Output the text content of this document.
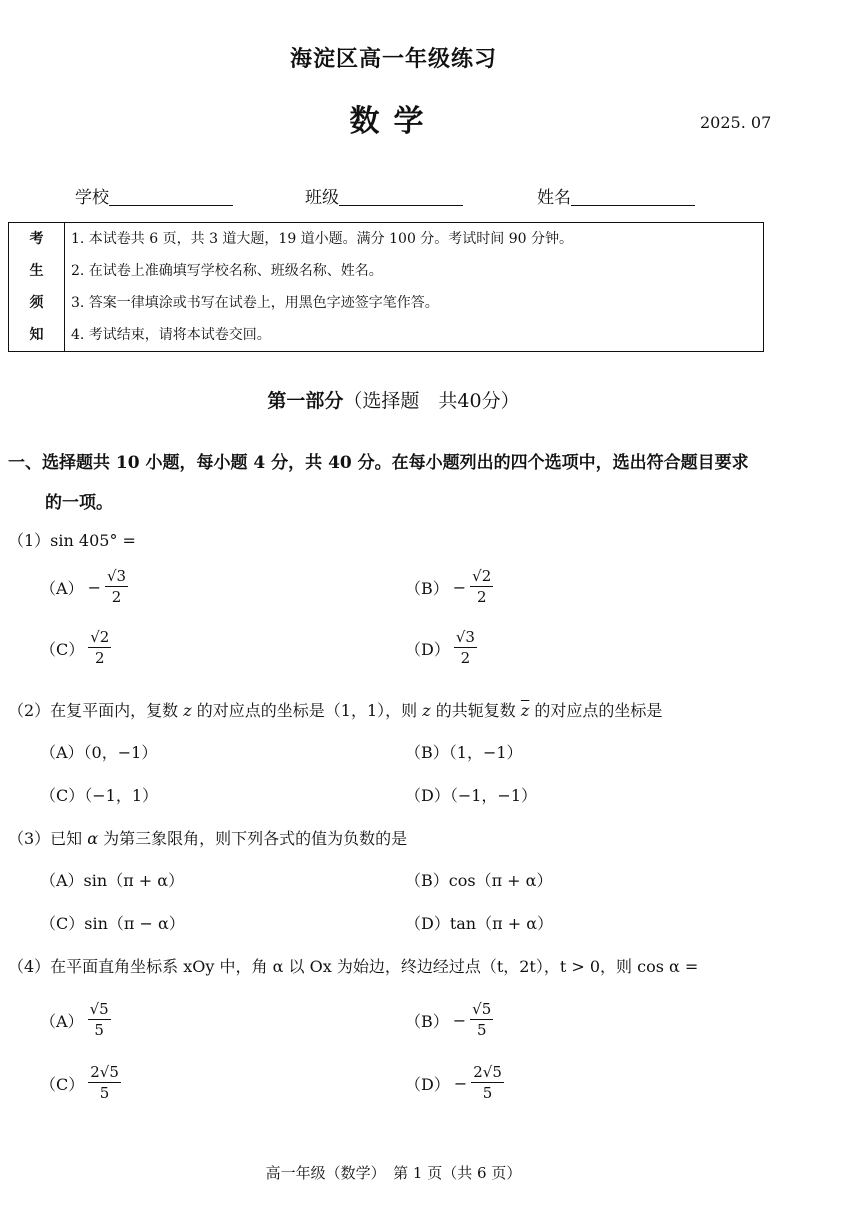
海淀区高一年级练习
数学	2025. 07
学校	班级	姓名
考	1. 本试卷共 6 页，共 3 道大题，19 道小题。满分 100 分。考试时间 90 分钟。
生	2. 在试卷上准确填写学校名称、班级名称、姓名。
须	3. 答案一律填涂或书写在试卷上，用黑色字迹签字笔作答。
知	4. 考试结束，请将本试卷交回。
第一部分（选择题　共40分）
一、选择题共 10 小题，每小题 4 分，共 40 分。在每小题列出的四个选项中，选出符合题目要求
的一项。
（1）sin 405° =
$(A) - \frac{√3}{2}$	$(B) - \frac{√2}{2}$
$(C) \frac{√2}{2}$	$(D) \frac{√3}{2}$
（2）在复平面内，复数 z 的对应点的坐标是（1，1），则 z 的共轭复数 $\overline{z}$ 的对应点的坐标是
（A）（0，−1）	（B）（1，−1）
（C）（−1，1）	（D）（−1，−1）
（3）已知 α 为第三象限角，则下列各式的值为负数的是
（A）sin（π + α）	（B）cos（π + α）
（C）sin（π − α）	（D）tan（π + α）
（4）在平面直角坐标系 xOy 中，角 α 以 Ox 为始边，终边经过点（t，2t），t > 0，则 cos α =
$(A) \frac{√5}{5}$	$(B) - \frac{√5}{5}$
$(C) \frac{2√5}{5}$	$(D) - \frac{2√5}{5}$
高一年级（数学）　第 1 页（共 6 页）
